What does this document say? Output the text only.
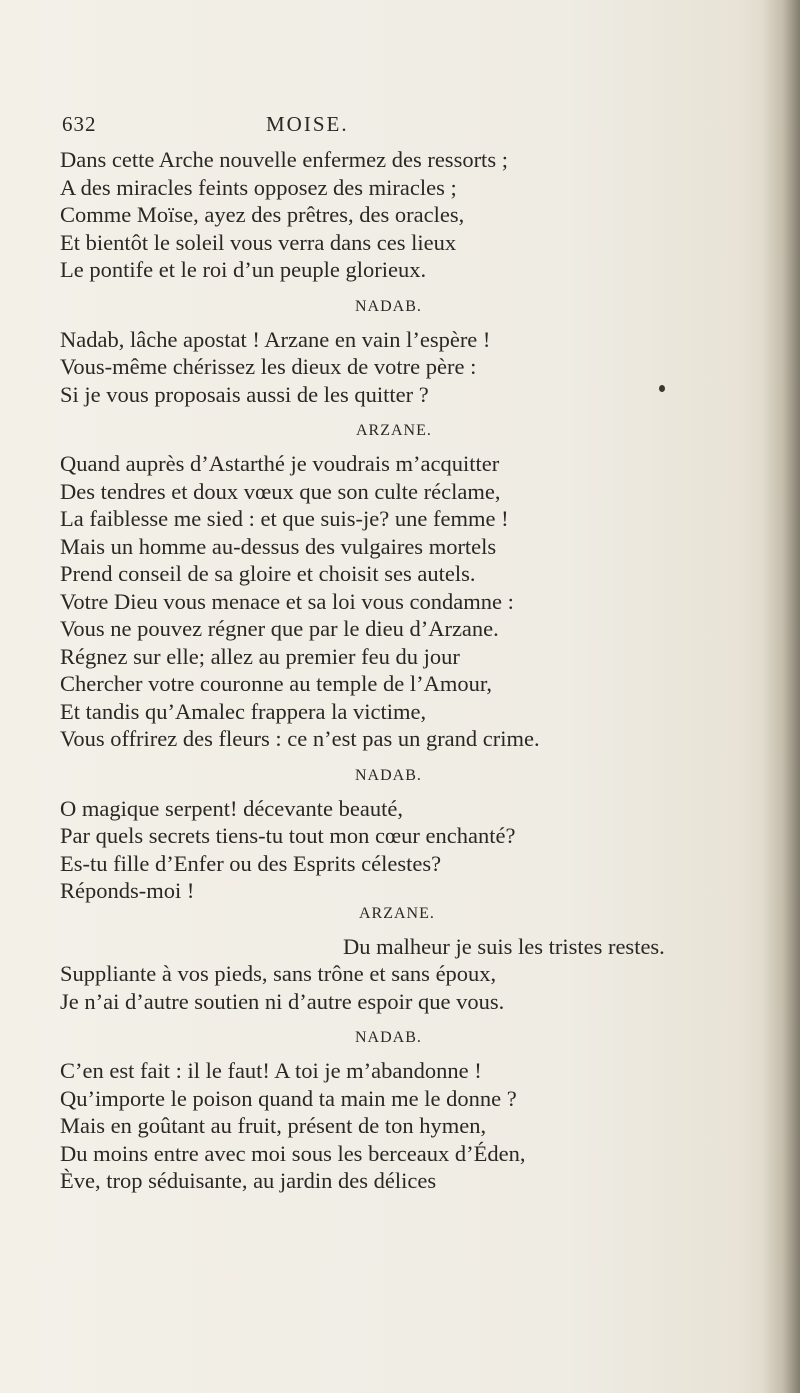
632	MOISE.
Dans cette Arche nouvelle enfermez des ressorts ;
A des miracles feints opposez des miracles ;
Comme Moïse, ayez des prêtres, des oracles,
Et bientôt le soleil vous verra dans ces lieux
Le pontife et le roi d’un peuple glorieux.
NADAB.
Nadab, lâche apostat ! Arzane en vain l’espère !
Vous-même chérissez les dieux de votre père :
Si je vous proposais aussi de les quitter ?
ARZANE.
Quand auprès d’Astarthé je voudrais m’acquitter
Des tendres et doux vœux que son culte réclame,
La faiblesse me sied : et que suis-je? une femme !
Mais un homme au-dessus des vulgaires mortels
Prend conseil de sa gloire et choisit ses autels.
Votre Dieu vous menace et sa loi vous condamne :
Vous ne pouvez régner que par le dieu d’Arzane.
Régnez sur elle; allez au premier feu du jour
Chercher votre couronne au temple de l’Amour,
Et tandis qu’Amalec frappera la victime,
Vous offrirez des fleurs : ce n’est pas un grand crime.
NADAB.
O magique serpent! décevante beauté,
Par quels secrets tiens-tu tout mon cœur enchanté?
Es-tu fille d’Enfer ou des Esprits célestes?
Réponds-moi !
ARZANE.
Du malheur je suis les tristes restes.
Suppliante à vos pieds, sans trône et sans époux,
Je n’ai d’autre soutien ni d’autre espoir que vous.
NADAB.
C’en est fait : il le faut! A toi je m’abandonne !
Qu’importe le poison quand ta main me le donne ?
Mais en goûtant au fruit, présent de ton hymen,
Du moins entre avec moi sous les berceaux d’Éden,
Ève, trop séduisante, au jardin des délices
